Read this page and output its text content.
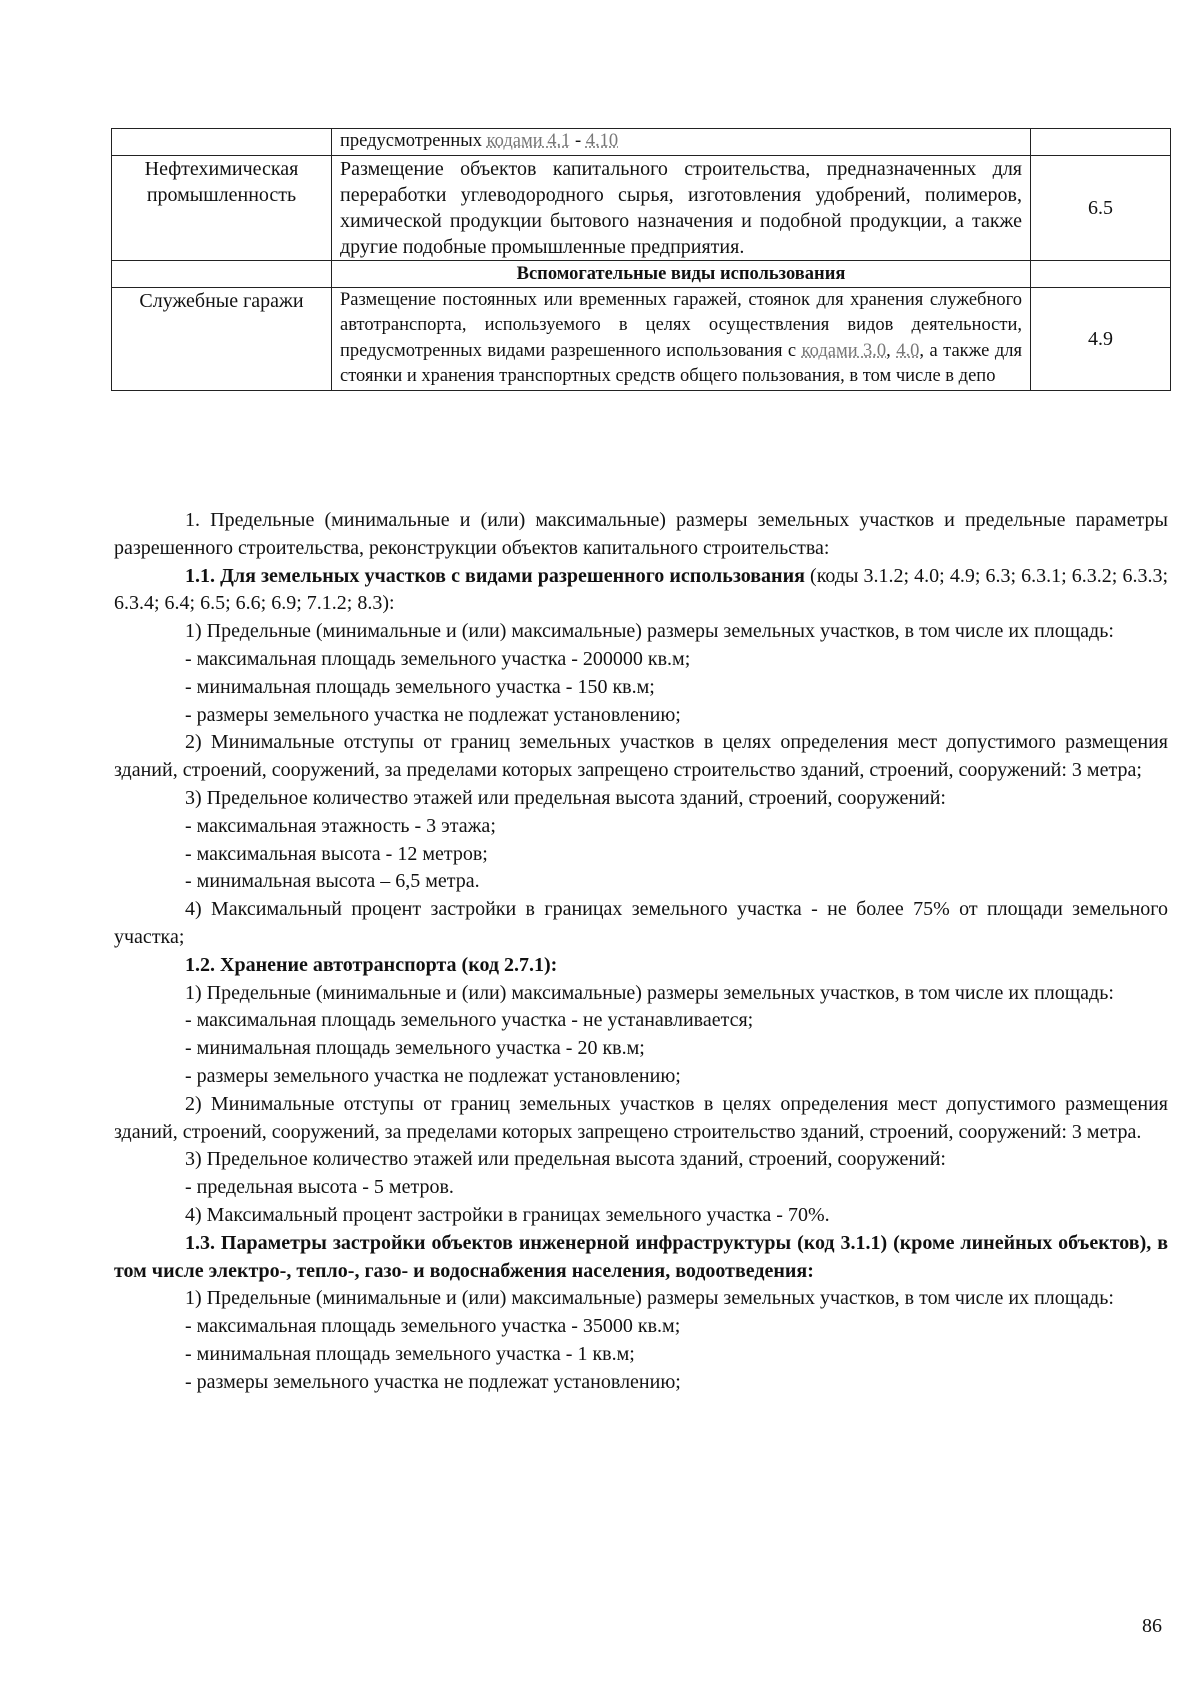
	предусмотренных кодами 4.1 - 4.10	
Нефтехимическая промышленность	Размещение объектов капитального строительства, предназначенных для переработки углеводородного сырья, изготовления удобрений, полимеров, химической продукции бытового назначения и подобной продукции, а также другие подобные промышленные предприятия.	6.5
	Вспомогательные виды использования	
Служебные гаражи	Размещение постоянных или временных гаражей, стоянок для хранения служебного автотранспорта, используемого в целях осуществления видов деятельности, предусмотренных видами разрешенного использования с кодами 3.0, 4.0, а также для стоянки и хранения транспортных средств общего пользования, в том числе в депо	4.9

1. Предельные (минимальные и (или) максимальные) размеры земельных участков и предельные параметры разрешенного строительства, реконструкции объектов капитального строительства:

1.1. Для земельных участков с видами разрешенного использования (коды 3.1.2; 4.0; 4.9; 6.3; 6.3.1; 6.3.2; 6.3.3; 6.3.4; 6.4; 6.5; 6.6; 6.9; 7.1.2; 8.3):

1) Предельные (минимальные и (или) максимальные) размеры земельных участков, в том числе их площадь:

- максимальная площадь земельного участка - 200000 кв.м;

- минимальная площадь земельного участка - 150 кв.м;

- размеры земельного участка не подлежат установлению;

2) Минимальные отступы от границ земельных участков в целях определения мест допустимого размещения зданий, строений, сооружений, за пределами которых запрещено строительство зданий, строений, сооружений: 3 метра;

3) Предельное количество этажей или предельная высота зданий, строений, сооружений:

- максимальная этажность - 3 этажа;

- максимальная высота - 12 метров;

- минимальная высота – 6,5 метра.

4) Максимальный процент застройки в границах земельного участка - не более 75% от площади земельного участка;

1.2. Хранение автотранспорта (код 2.7.1):

1) Предельные (минимальные и (или) максимальные) размеры земельных участков, в том числе их площадь:

- максимальная площадь земельного участка - не устанавливается;

- минимальная площадь земельного участка - 20 кв.м;

- размеры земельного участка не подлежат установлению;

2) Минимальные отступы от границ земельных участков в целях определения мест допустимого размещения зданий, строений, сооружений, за пределами которых запрещено строительство зданий, строений, сооружений: 3 метра.

3) Предельное количество этажей или предельная высота зданий, строений, сооружений:

- предельная высота - 5 метров.

4) Максимальный процент застройки в границах земельного участка - 70%.

1.3. Параметры застройки объектов инженерной инфраструктуры (код 3.1.1) (кроме линейных объектов), в том числе электро-, тепло-, газо- и водоснабжения населения, водоотведения:

1) Предельные (минимальные и (или) максимальные) размеры земельных участков, в том числе их площадь:

- максимальная площадь земельного участка - 35000 кв.м;

- минимальная площадь земельного участка - 1 кв.м;

- размеры земельного участка не подлежат установлению;

86
